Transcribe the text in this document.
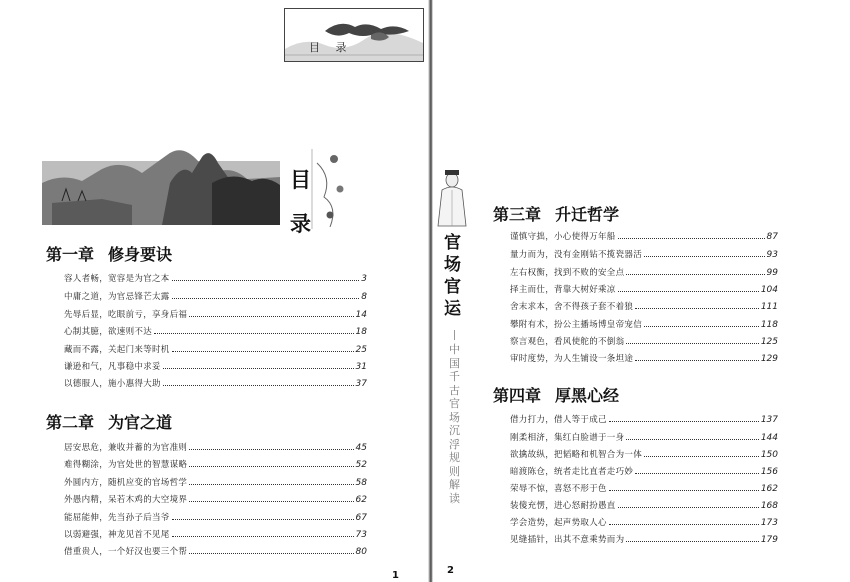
目 录
目录
第一章 修身要诀
容人者畅，宽容是为官之本	3
中庸之道，为官忌锋芒太露	8
先辱后显，吃眼前亏，享身后福	14
心制其臆，欲速则不达	18
藏而不露，关起门来等时机	25
谦逊和气，凡事稳中求妥	31
以德服人，施小惠得大助	37
第二章 为官之道
居安思危，兼收并蓄的为官准则	45
难得糊涂，为官处世的智慧谋略	52
外圆内方，随机应变的官场哲学	58
外愚内精，呆若木鸡的大空境界	62
能屈能伸，先当孙子后当爷	67
以弱避强，神龙见首不见尾	73
借重贵人，一个好汉也要三个帮	80
1
官场官运
中国千古官场沉浮规则解读
第三章 升迁哲学
谨慎守拙，小心使得万年船	87
量力而为，没有金刚钻不揽瓷器活	93
左右权衡，找到不败的安全点	99
择主而仕，背靠大树好乘凉	104
舍末求本，舍不得孩子套不着狼	111
攀附有术，扮公主播场博皇帝宠信	118
察言观色，看风使舵的不倒翁	125
审时度势，为人生铺设一条坦途	129
第四章 厚黑心经
借力打力，借人等于成己	137
刚柔相济，集红白脸谱于一身	144
欲擒故纵，把韬略和机智合为一体	150
暗渡陈仓，统者走比直者走巧妙	156
荣辱不惊，喜怒不形于色	162
装傻充愣，进心怒耐扮愚直	168
学会造势，起声势取人心	173
见缝插针，出其不意乘势而为	179
2
